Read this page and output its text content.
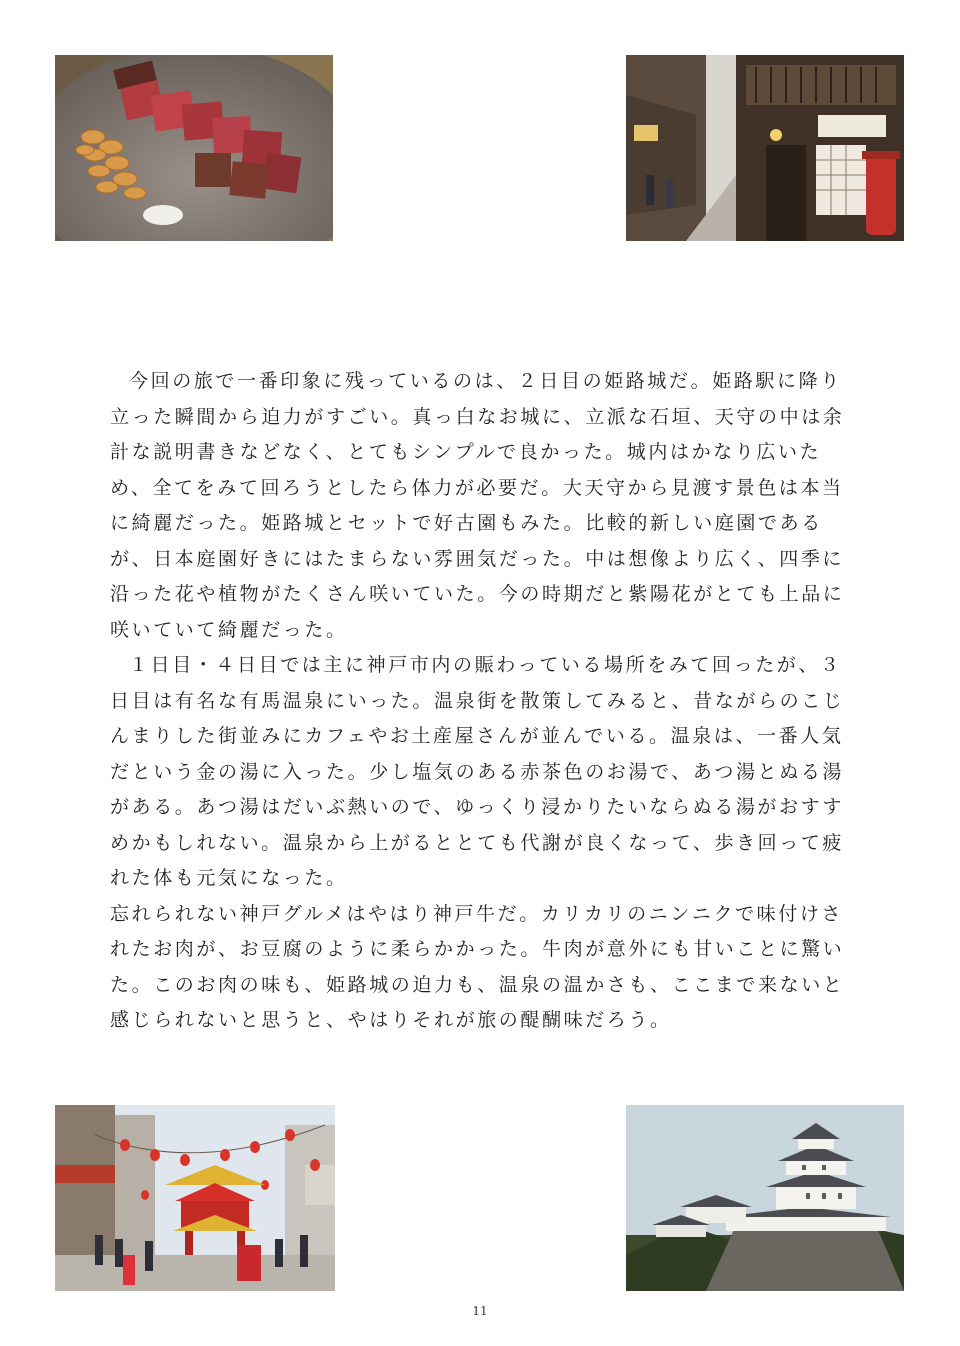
今回の旅で一番印象に残っているのは、２日目の姫路城だ。姫路駅に降り立った瞬間から迫力がすごい。真っ白なお城に、立派な石垣、天守の中は余計な説明書きなどなく、とてもシンプルで良かった。城内はかなり広いため、全てをみて回ろうとしたら体力が必要だ。大天守から見渡す景色は本当に綺麗だった。姫路城とセットで好古園もみた。比較的新しい庭園であるが、日本庭園好きにはたまらない雰囲気だった。中は想像より広く、四季に沿った花や植物がたくさん咲いていた。今の時期だと紫陽花がとても上品に咲いていて綺麗だった。

１日目・４日目では主に神戸市内の賑わっている場所をみて回ったが、３日目は有名な有馬温泉にいった。温泉街を散策してみると、昔ながらのこじんまりした街並みにカフェやお土産屋さんが並んでいる。温泉は、一番人気だという金の湯に入った。少し塩気のある赤茶色のお湯で、あつ湯とぬる湯がある。あつ湯はだいぶ熱いので、ゆっくり浸かりたいならぬる湯がおすすめかもしれない。温泉から上がるととても代謝が良くなって、歩き回って疲れた体も元気になった。

忘れられない神戸グルメはやはり神戸牛だ。カリカリのニンニクで味付けされたお肉が、お豆腐のように柔らかかった。牛肉が意外にも甘いことに驚いた。このお肉の味も、姫路城の迫力も、温泉の温かさも、ここまで来ないと感じられないと思うと、やはりそれが旅の醍醐味だろう。

11
